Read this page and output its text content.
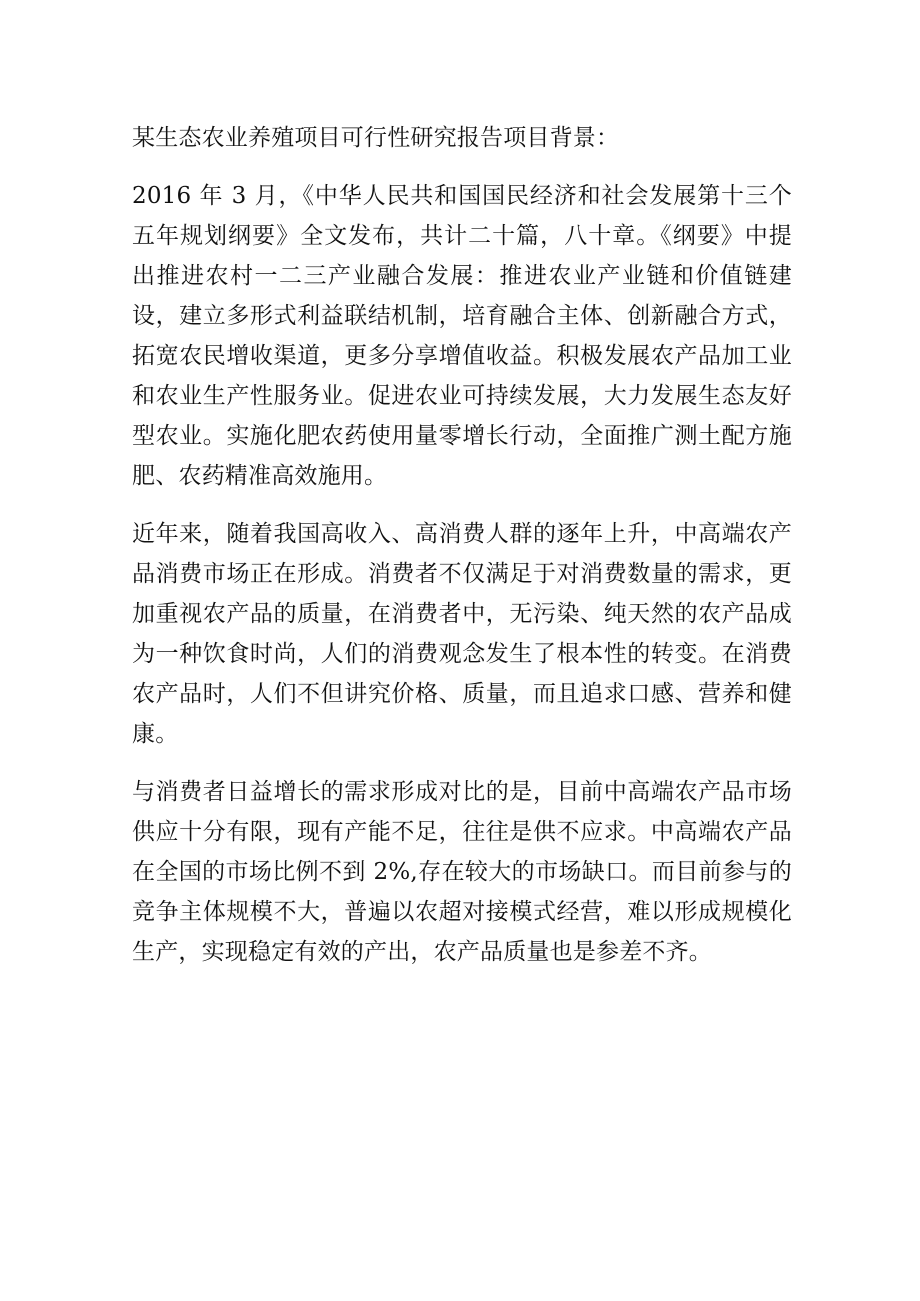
某生态农业养殖项目可行性研究报告项目背景：

2016 年 3 月，《中华人民共和国国民经济和社会发展第十三个五年规划纲要》全文发布，共计二十篇，八十章。《纲要》中提出推进农村一二三产业融合发展：推进农业产业链和价值链建设，建立多形式利益联结机制，培育融合主体、创新融合方式，拓宽农民增收渠道，更多分享增值收益。积极发展农产品加工业和农业生产性服务业。促进农业可持续发展，大力发展生态友好型农业。实施化肥农药使用量零增长行动，全面推广测土配方施肥、农药精准高效施用。

近年来，随着我国高收入、高消费人群的逐年上升，中高端农产品消费市场正在形成。消费者不仅满足于对消费数量的需求，更加重视农产品的质量，在消费者中，无污染、纯天然的农产品成为一种饮食时尚，人们的消费观念发生了根本性的转变。在消费农产品时，人们不但讲究价格、质量，而且追求口感、营养和健康。

与消费者日益增长的需求形成对比的是，目前中高端农产品市场供应十分有限，现有产能不足，往往是供不应求。中高端农产品在全国的市场比例不到 2%,存在较大的市场缺口。而目前参与的竞争主体规模不大，普遍以农超对接模式经营，难以形成规模化生产，实现稳定有效的产出，农产品质量也是参差不齐。
